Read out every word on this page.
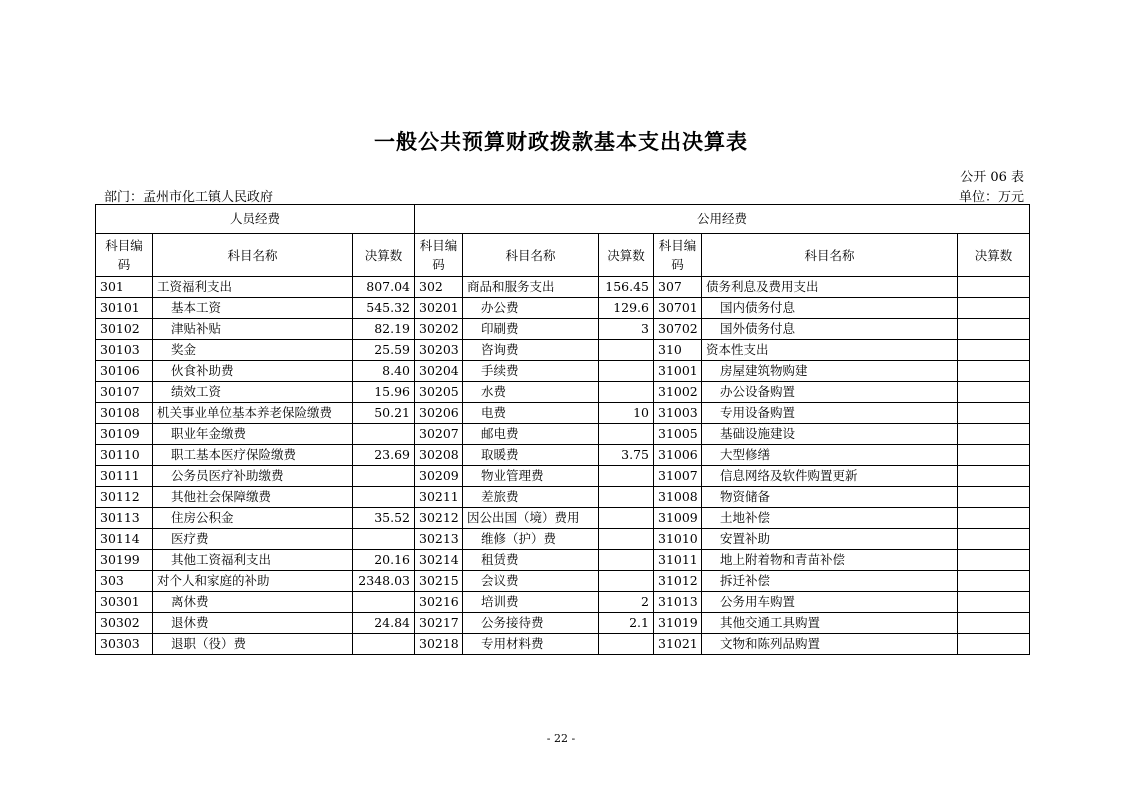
一般公共预算财政拨款基本支出决算表
公开 06 表
部门：孟州市化工镇人民政府	单位：万元
人员经费			公用经费					
科目编码	科目名称	决算数	科目编码	科目名称	决算数	科目编码	科目名称	决算数
301	工资福利支出	807.04	302	商品和服务支出	156.45	307	债务利息及费用支出	
30101	基本工资	545.32	30201	办公费	129.6	30701	国内债务付息	
30102	津贴补贴	82.19	30202	印刷费	3	30702	国外债务付息	
30103	奖金	25.59	30203	咨询费		310	资本性支出	
30106	伙食补助费	8.40	30204	手续费		31001	房屋建筑物购建	
30107	绩效工资	15.96	30205	水费		31002	办公设备购置	
30108	机关事业单位基本养老保险缴费	50.21	30206	电费	10	31003	专用设备购置	
30109	职业年金缴费		30207	邮电费		31005	基础设施建设	
30110	职工基本医疗保险缴费	23.69	30208	取暖费	3.75	31006	大型修缮	
30111	公务员医疗补助缴费		30209	物业管理费		31007	信息网络及软件购置更新	
30112	其他社会保障缴费		30211	差旅费		31008	物资储备	
30113	住房公积金	35.52	30212	因公出国（境）费用		31009	土地补偿	
30114	医疗费		30213	维修（护）费		31010	安置补助	
30199	其他工资福利支出	20.16	30214	租赁费		31011	地上附着物和青苗补偿	
303	对个人和家庭的补助	2348.03	30215	会议费		31012	拆迁补偿	
30301	离休费		30216	培训费	2	31013	公务用车购置	
30302	退休费	24.84	30217	公务接待费	2.1	31019	其他交通工具购置	
30303	退职（役）费		30218	专用材料费		31021	文物和陈列品购置	
- 22 -
